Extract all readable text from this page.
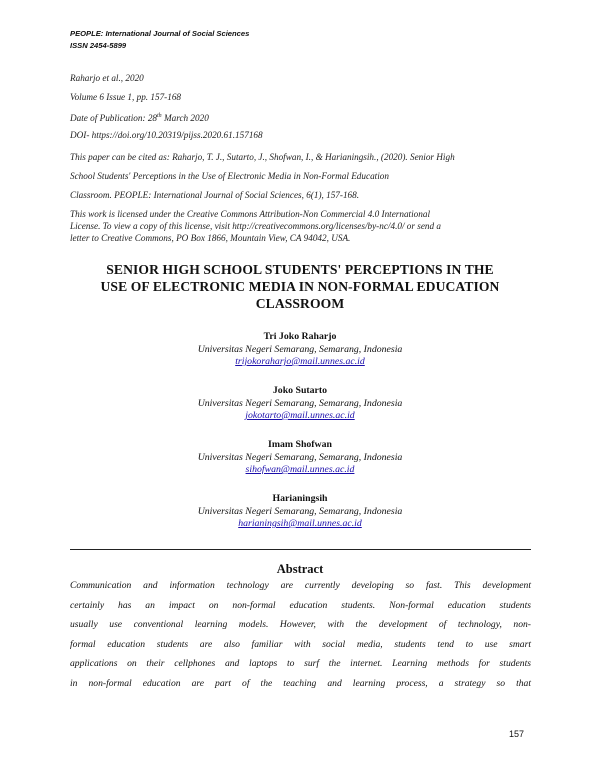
PEOPLE: International Journal of Social Sciences
ISSN 2454-5899
Raharjo et al., 2020
Volume 6 Issue 1, pp. 157-168
Date of Publication: 28th March 2020
DOI- https://doi.org/10.20319/pijss.2020.61.157168

This paper can be cited as: Raharjo, T. J., Sutarto, J., Shofwan, I., & Harianingsih., (2020). Senior High

School Students' Perceptions in the Use of Electronic Media in Non-Formal Education

Classroom. PEOPLE: International Journal of Social Sciences, 6(1), 157-168.

This work is licensed under the Creative Commons Attribution-Non Commercial 4.0 International

License. To view a copy of this license, visit http://creativecommons.org/licenses/by-nc/4.0/ or send a

letter to Creative Commons, PO Box 1866, Mountain View, CA 94042, USA.

SENIOR HIGH SCHOOL STUDENTS' PERCEPTIONS IN THE
USE OF ELECTRONIC MEDIA IN NON-FORMAL EDUCATION
CLASSROOM
Tri Joko Raharjo
Universitas Negeri Semarang, Semarang, Indonesia
trijokoraharjo@mail.unnes.ac.id
Joko Sutarto
Universitas Negeri Semarang, Semarang, Indonesia
jokotarto@mail.unnes.ac.id
Imam Shofwan
Universitas Negeri Semarang, Semarang, Indonesia
sihofwan@mail.unnes.ac.id
Harianingsih
Universitas Negeri Semarang, Semarang, Indonesia
harianingsih@mail.unnes.ac.id
Abstract
Communication and information technology are currently developing so fast. This development
certainly has an impact on non-formal education students. Non-formal education students
usually use conventional learning models. However, with the development of technology, non-
formal education students are also familiar with social media, students tend to use smart
applications on their cellphones and laptops to surf the internet. Learning methods for students
in non-formal education are part of the teaching and learning process, a strategy so that
157
